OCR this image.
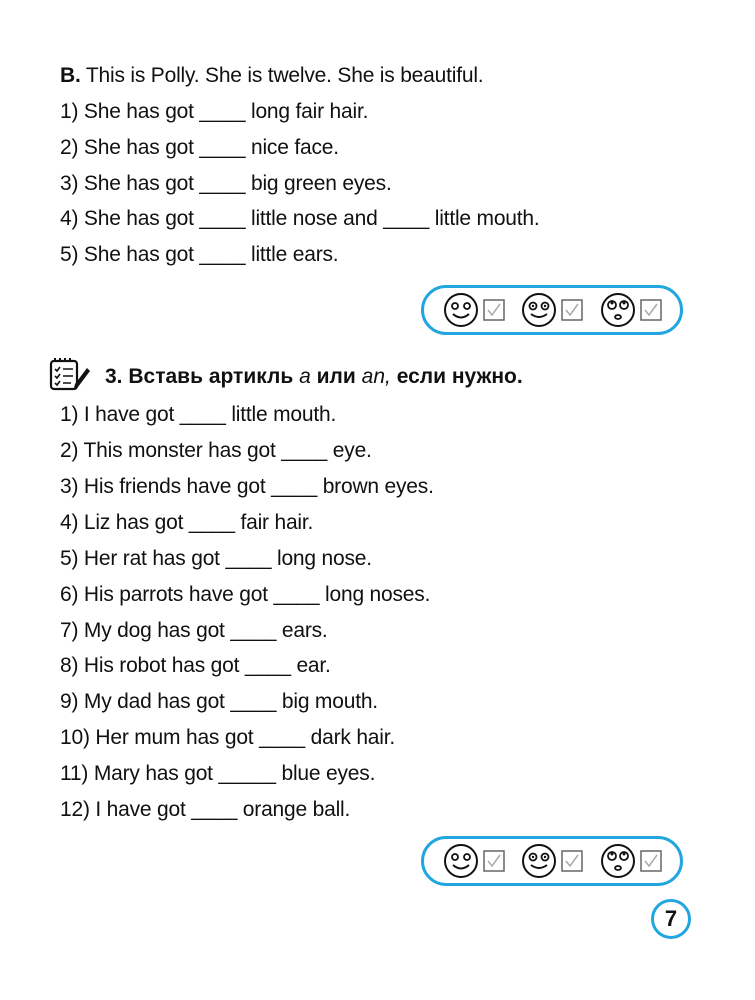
B. This is Polly. She is twelve. She is beautiful.
1) She has got ____ long fair hair.
2) She has got ____ nice face.
3) She has got ____ big green eyes.
4) She has got ____ little nose and ____ little mouth.
5) She has got ____ little ears.
3. Вставь артикль a или an, если нужно.
1) I have got ____ little mouth.
2) This monster has got ____ eye.
3) His friends have got ____ brown eyes.
4) Liz has got ____ fair hair.
5) Her rat has got ____ long nose.
6) His parrots have got ____ long noses.
7) My dog has got ____ ears.
8) His robot has got ____ ear.
9) My dad has got ____ big mouth.
10) Her mum has got ____ dark hair.
11) Mary has got _____ blue eyes.
12) I have got ____ orange ball.
7
